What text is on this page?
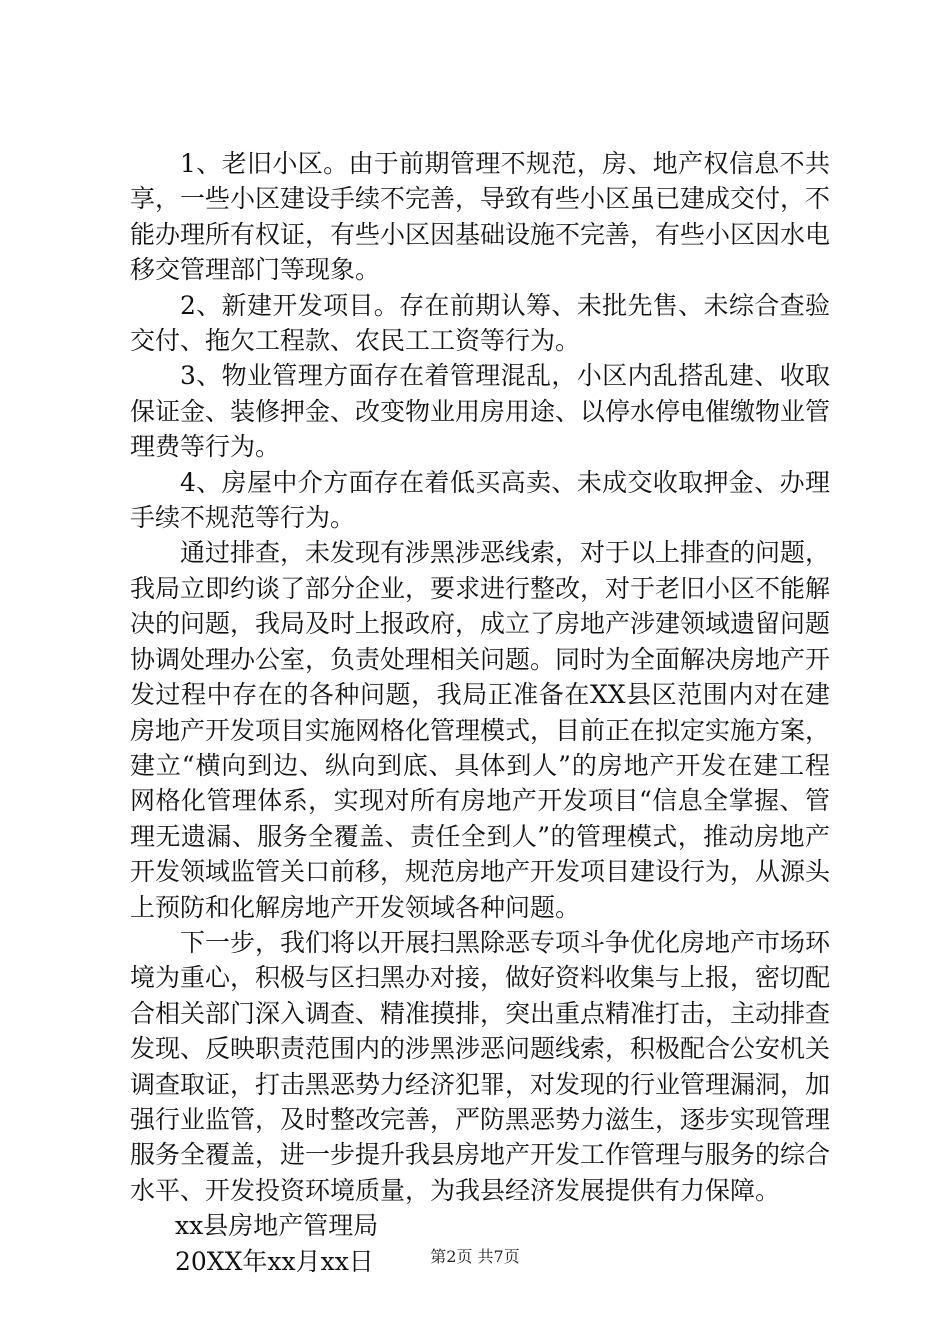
1、老旧小区。由于前期管理不规范，房、地产权信息不共享，一些小区建设手续不完善，导致有些小区虽已建成交付，不能办理所有权证，有些小区因基础设施不完善，有些小区因水电移交管理部门等现象。

2、新建开发项目。存在前期认筹、未批先售、未综合查验交付、拖欠工程款、农民工工资等行为。

3、物业管理方面存在着管理混乱，小区内乱搭乱建、收取保证金、装修押金、改变物业用房用途、以停水停电催缴物业管理费等行为。

4、房屋中介方面存在着低买高卖、未成交收取押金、办理手续不规范等行为。

通过排查，未发现有涉黑涉恶线索，对于以上排查的问题，我局立即约谈了部分企业，要求进行整改，对于老旧小区不能解决的问题，我局及时上报政府，成立了房地产涉建领域遗留问题协调处理办公室，负责处理相关问题。同时为全面解决房地产开发过程中存在的各种问题，我局正准备在XX县区范围内对在建房地产开发项目实施网格化管理模式，目前正在拟定实施方案，建立“横向到边、纵向到底、具体到人”的房地产开发在建工程网格化管理体系，实现对所有房地产开发项目“信息全掌握、管理无遗漏、服务全覆盖、责任全到人”的管理模式，推动房地产开发领域监管关口前移，规范房地产开发项目建设行为，从源头上预防和化解房地产开发领域各种问题。

下一步，我们将以开展扫黑除恶专项斗争优化房地产市场环境为重心，积极与区扫黑办对接，做好资料收集与上报，密切配合相关部门深入调查、精准摸排，突出重点精准打击，主动排查发现、反映职责范围内的涉黑涉恶问题线索，积极配合公安机关调查取证，打击黑恶势力经济犯罪，对发现的行业管理漏洞，加强行业监管，及时整改完善，严防黑恶势力滋生，逐步实现管理服务全覆盖，进一步提升我县房地产开发工作管理与服务的综合水平、开发投资环境质量，为我县经济发展提供有力保障。

xx县房地产管理局

20XX年xx月xx日	第2页 共7页
